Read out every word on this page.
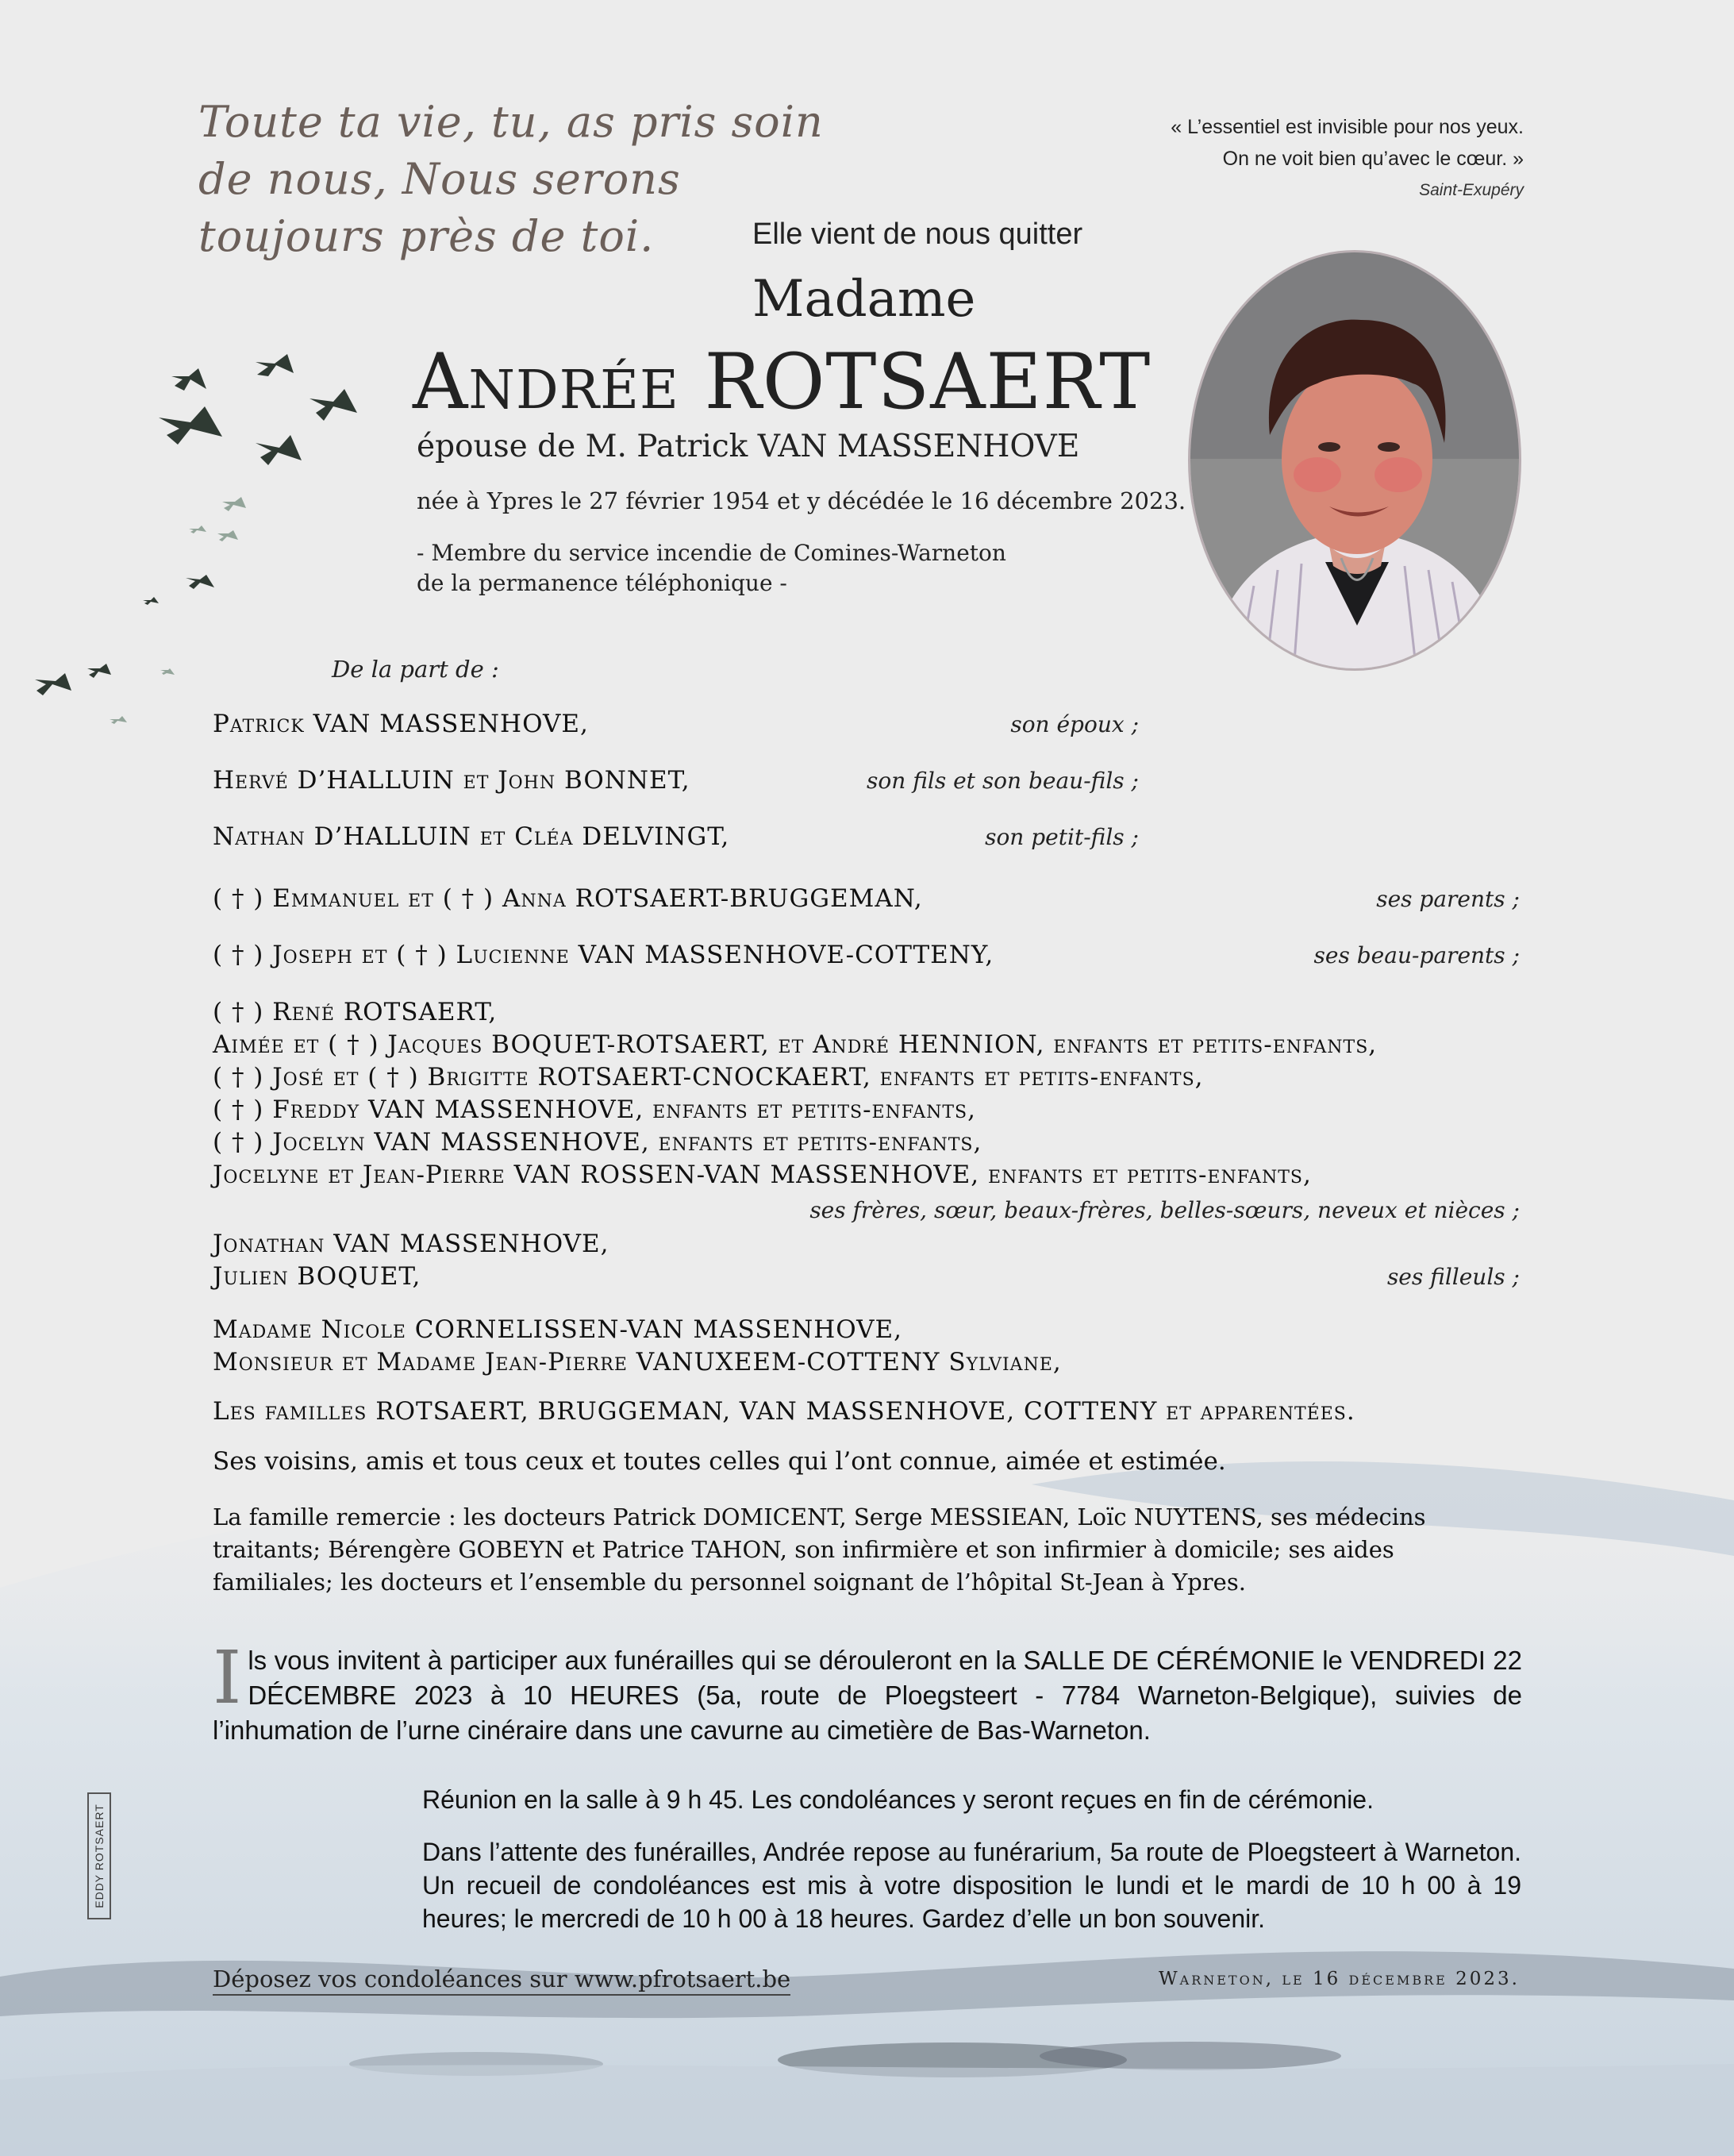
Toute ta vie, tu, as pris soin
de nous, Nous serons
toujours près de toi.
« L’essentiel est invisible pour nos yeux.
On ne voit bien qu’avec le cœur. »
Saint-Exupéry
Elle vient de nous quitter
Madame
Andrée ROTSAERT
épouse de M. Patrick VAN MASSENHOVE
née à Ypres le 27 février 1954 et y décédée le 16 décembre 2023.
- Membre du service incendie de Comines-Warneton
de la permanence téléphonique -
De la part de :
Patrick VAN MASSENHOVE,	son époux ;
Hervé D’HALLUIN et John BONNET,	son fils et son beau-fils ;
Nathan D’HALLUIN et Cléa DELVINGT,	son petit-fils ;
( † ) Emmanuel et ( † ) Anna ROTSAERT-BRUGGEMAN,	ses parents ;
( † ) Joseph et ( † ) Lucienne VAN MASSENHOVE-COTTENY,	ses beau-parents ;
( † ) René ROTSAERT,
Aimée et ( † ) Jacques BOQUET-ROTSAERT, et André HENNION, enfants et petits-enfants,
( † ) José et ( † ) Brigitte ROTSAERT-CNOCKAERT, enfants et petits-enfants,
( † ) Freddy VAN MASSENHOVE, enfants et petits-enfants,
( † ) Jocelyn VAN MASSENHOVE, enfants et petits-enfants,
Jocelyne et Jean-Pierre VAN ROSSEN-VAN MASSENHOVE, enfants et petits-enfants,
ses frères, sœur, beaux-frères, belles-sœurs, neveux et nièces ;
Jonathan VAN MASSENHOVE,
Julien BOQUET,	ses filleuls ;
Madame Nicole CORNELISSEN-VAN MASSENHOVE,
Monsieur et Madame Jean-Pierre VANUXEEM-COTTENY Sylviane,
Les familles ROTSAERT, BRUGGEMAN, VAN MASSENHOVE, COTTENY et apparentées.
Ses voisins, amis et tous ceux et toutes celles qui l’ont connue, aimée et estimée.
La famille remercie : les docteurs Patrick DOMICENT, Serge MESSIEAN, Loïc NUYTENS, ses médecins
traitants; Bérengère GOBEYN et Patrice TAHON, son infirmière et son infirmier à domicile; ses aides
familiales; les docteurs et l’ensemble du personnel soignant de l’hôpital St-Jean à Ypres.
Ils vous invitent à participer aux funérailles qui se dérouleront en la SALLE DE CÉRÉMONIE le VENDREDI 22 DÉCEMBRE 2023 à 10 HEURES (5a, route de Ploegsteert - 7784 Warneton-Belgique), suivies de l’inhumation de l’urne cinéraire dans une cavurne au cimetière de Bas-Warneton.
Réunion en la salle à 9 h 45. Les condoléances y seront reçues en fin de cérémonie.
Dans l’attente des funérailles, Andrée repose au funérarium, 5a route de Ploegsteert à Warneton. Un recueil de condoléances est mis à votre disposition le lundi et le mardi de 10 h 00 à 19 heures; le mercredi de 10 h 00 à 18 heures. Gardez d’elle un bon souvenir.
Déposez vos condoléances sur www.pfrotsaert.be	Warneton, le 16 décembre 2023.
EDDY ROTSAERT
